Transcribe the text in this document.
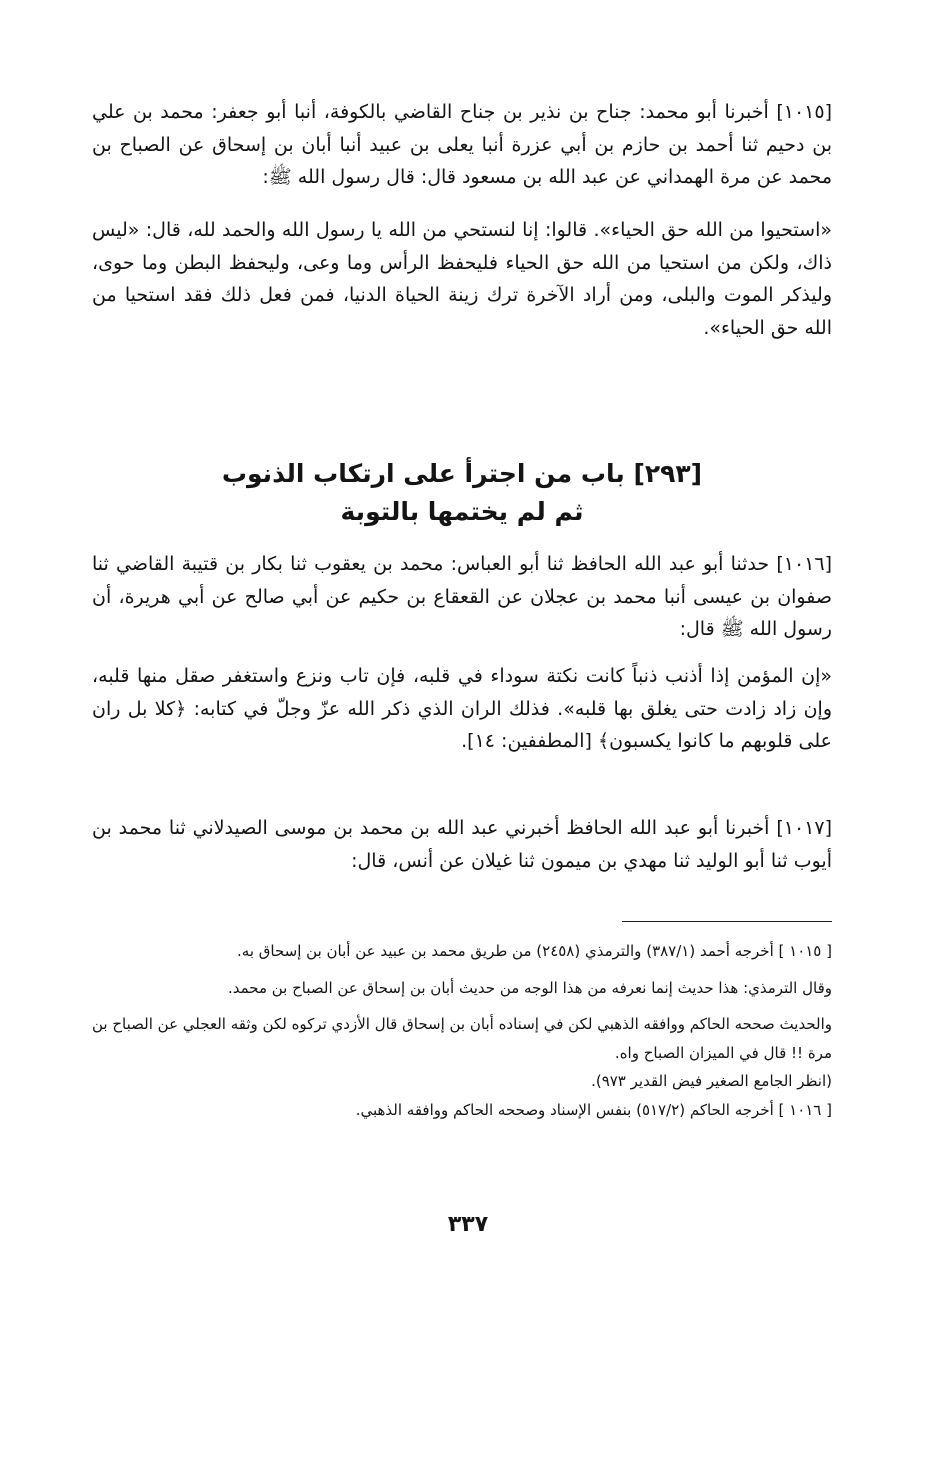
[١٠١٥] أخبرنا أبو محمد: جناح بن نذير بن جناح القاضي بالكوفة، أنبا أبو جعفر: محمد بن علي بن دحيم ثنا أحمد بن حازم بن أبي عزرة أنبا يعلى بن عبيد أنبا أبان بن إسحاق عن الصباح بن محمد عن مرة الهمداني عن عبد الله بن مسعود قال: قال رسول الله ﷺ:

«استحيوا من الله حق الحياء». قالوا: إنا لنستحي من الله يا رسول الله والحمد لله، قال: «ليس ذاك، ولكن من استحيا من الله حق الحياء فليحفظ الرأس وما وعى، وليحفظ البطن وما حوى، وليذكر الموت والبلى، ومن أراد الآخرة ترك زينة الحياة الدنيا، فمن فعل ذلك فقد استحيا من الله حق الحياء».

[٢٩٣] باب من اجترأ على ارتكاب الذنوب
ثم لم يختمها بالتوبة

[١٠١٦] حدثنا أبو عبد الله الحافظ ثنا أبو العباس: محمد بن يعقوب ثنا بكار بن قتيبة القاضي ثنا صفوان بن عيسى أنبا محمد بن عجلان عن القعقاع بن حكيم عن أبي صالح عن أبي هريرة، أن رسول الله ﷺ قال:

«إن المؤمن إذا أذنب ذنباً كانت نكتة سوداء في قلبه، فإن تاب ونزع واستغفر صقل منها قلبه، وإن زاد زادت حتى يغلق بها قلبه». فذلك الران الذي ذكر الله عزّ وجلّ في كتابه: ﴿كلا بل ران على قلوبهم ما كانوا يكسبون﴾ [المطففين: ١٤].

[١٠١٧] أخبرنا أبو عبد الله الحافظ أخبرني عبد الله بن محمد بن موسى الصيدلاني ثنا محمد بن أيوب ثنا أبو الوليد ثنا مهدي بن ميمون ثنا غيلان عن أنس، قال:

[ ١٠١٥ ] أخرجه أحمد (٣٨٧/١) والترمذي (٢٤٥٨) من طريق محمد بن عبيد عن أبان بن إسحاق به.

وقال الترمذي: هذا حديث إنما نعرفه من هذا الوجه من حديث أبان بن إسحاق عن الصباح بن محمد.

والحديث صححه الحاكم ووافقه الذهبي لكن في إسناده أبان بن إسحاق قال الأزدي تركوه لكن وثقه العجلي عن الصباح بن مرة !! قال في الميزان الصباح واه.

(انظر الجامع الصغير فيض القدير ٩٧٣).

[ ١٠١٦ ] أخرجه الحاكم (٥١٧/٢) بنفس الإسناد وصححه الحاكم ووافقه الذهبي.

٣٣٧
